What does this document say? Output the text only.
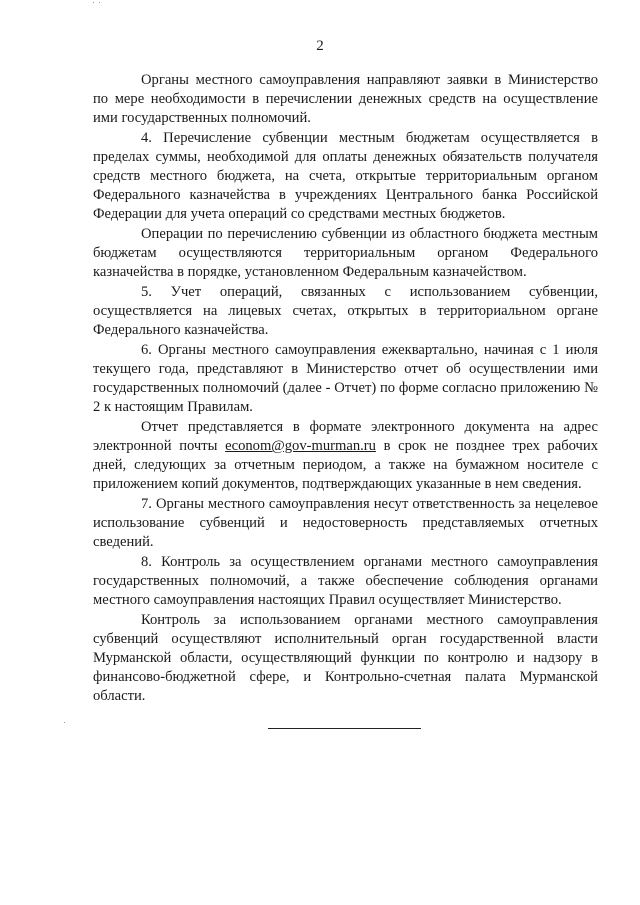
2

Органы местного самоуправления направляют заявки в Министерство по мере необходимости в перечислении денежных средств на осуществление ими государственных полномочий.

4. Перечисление субвенции местным бюджетам осуществляется в пределах суммы, необходимой для оплаты денежных обязательств получателя средств местного бюджета, на счета, открытые территориальным органом Федерального казначейства в учреждениях Центрального банка Российской Федерации для учета операций со средствами местных бюджетов.

Операции по перечислению субвенции из областного бюджета местным бюджетам осуществляются территориальным органом Федерального казначейства в порядке, установленном Федеральным казначейством.

5. Учет операций, связанных с использованием субвенции, осуществляется на лицевых счетах, открытых в территориальном органе Федерального казначейства.

6. Органы местного самоуправления ежеквартально, начиная с 1 июля текущего года, представляют в Министерство отчет об осуществлении ими государственных полномочий (далее - Отчет) по форме согласно приложению № 2 к настоящим Правилам.

Отчет представляется в формате электронного документа на адрес электронной почты econom@gov-murman.ru в срок не позднее трех рабочих дней, следующих за отчетным периодом, а также на бумажном носителе с приложением копий документов, подтверждающих указанные в нем сведения.

7. Органы местного самоуправления несут ответственность за нецелевое использование субвенций и недостоверность представляемых отчетных сведений.

8. Контроль за осуществлением органами местного самоуправления государственных полномочий, а также обеспечение соблюдения органами местного самоуправления настоящих Правил осуществляет Министерство.

Контроль за использованием органами местного самоуправления субвенций осуществляют исполнительный орган государственной власти Мурманской области, осуществляющий функции по контролю и надзору в финансово-бюджетной сфере, и Контрольно-счетная палата Мурманской области.
